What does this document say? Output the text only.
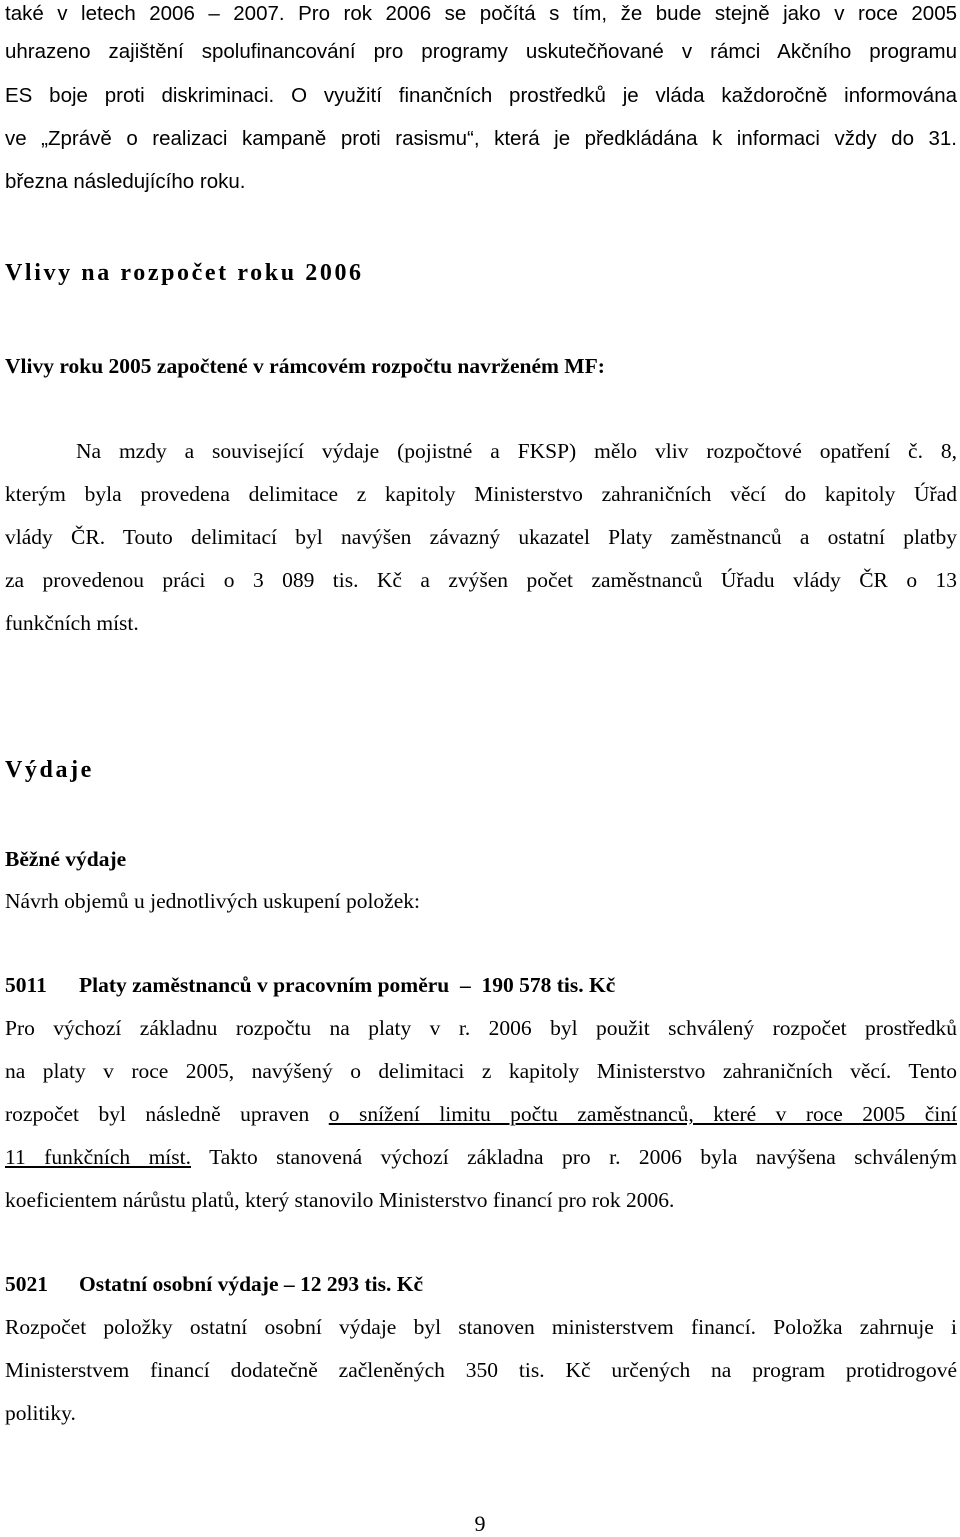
také v letech 2006 – 2007. Pro rok 2006 se počítá s tím, že bude stejně jako v roce 2005
uhrazeno zajištění spolufinancování pro programy uskutečňované v rámci Akčního programu
ES boje proti diskriminaci. O využití finančních prostředků je vláda každoročně informována
ve „Zprávě o realizaci kampaně proti rasismu“, která je předkládána k informaci vždy do 31.
března následujícího roku.
Vlivy na rozpočet roku 2006
Vlivy roku 2005 započtené v rámcovém rozpočtu navrženém MF:
Na mzdy a související výdaje (pojistné a FKSP) mělo vliv rozpočtové opatření č. 8,
kterým byla provedena delimitace z kapitoly Ministerstvo zahraničních věcí do kapitoly Úřad
vlády ČR. Touto delimitací byl navýšen závazný ukazatel Platy zaměstnanců a ostatní platby
za provedenou práci o 3 089 tis. Kč a zvýšen počet zaměstnanců Úřadu vlády ČR o 13
funkčních míst.
Výdaje
Běžné výdaje
Návrh objemů u jednotlivých uskupení položek:
5011 Platy zaměstnanců v pracovním poměru – 190 578 tis. Kč
Pro výchozí základnu rozpočtu na platy v r. 2006 byl použit schválený rozpočet prostředků
na platy v roce 2005, navýšený o delimitaci z kapitoly Ministerstvo zahraničních věcí. Tento
rozpočet byl následně upraven o snížení limitu počtu zaměstnanců, které v roce 2005 činí
11 funkčních míst. Takto stanovená výchozí základna pro r. 2006 byla navýšena schváleným
koeficientem nárůstu platů, který stanovilo Ministerstvo financí pro rok 2006.
5021 Ostatní osobní výdaje – 12 293 tis. Kč
Rozpočet položky ostatní osobní výdaje byl stanoven ministerstvem financí. Položka zahrnuje i
Ministerstvem financí dodatečně začleněných 350 tis. Kč určených na program protidrogové
politiky.
9
